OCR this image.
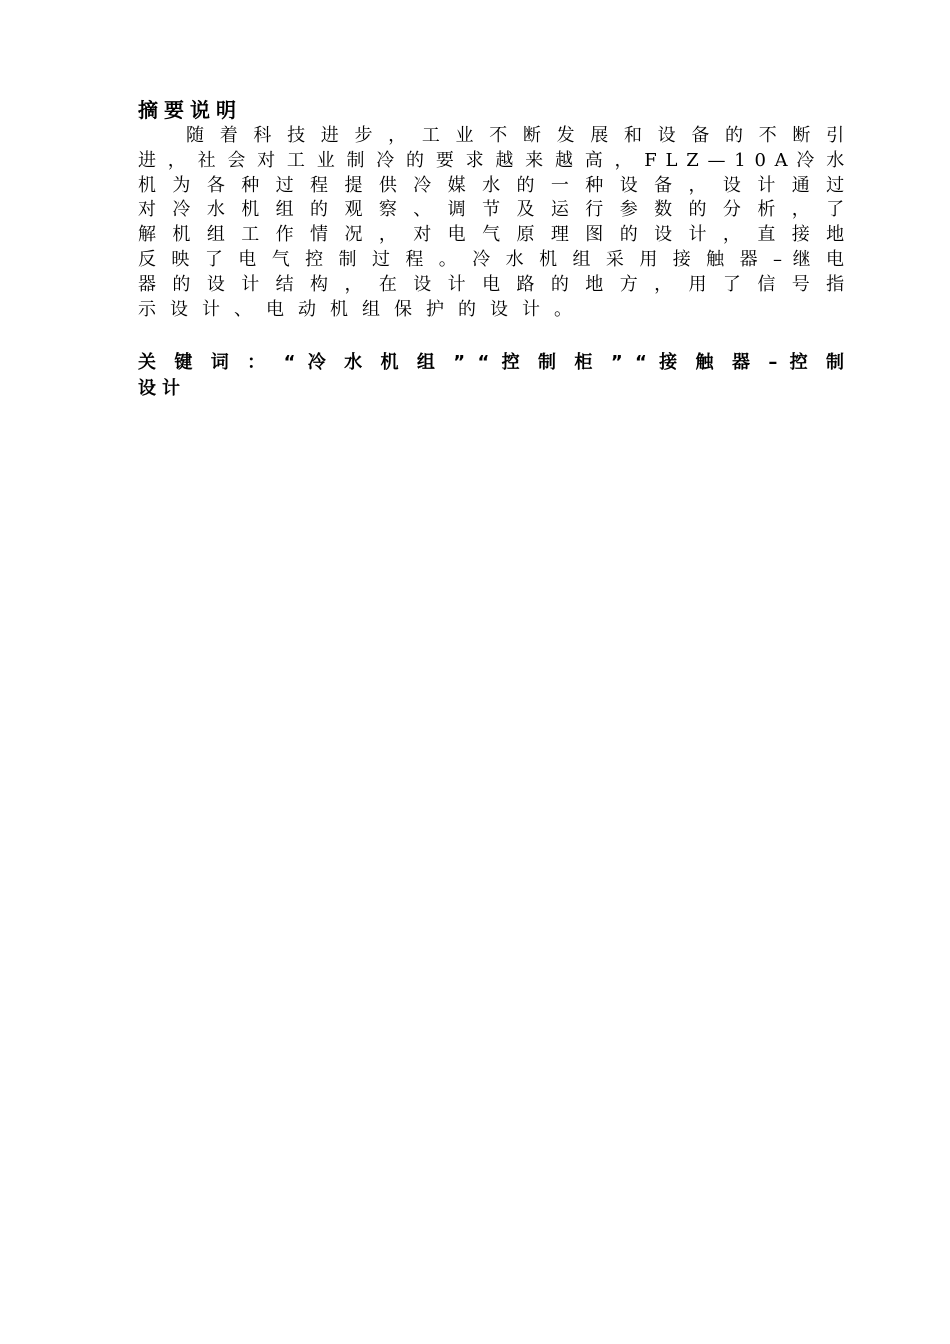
摘要说明
随 着 科 技 进 步 ， 工 业 不 断 发 展 和 设 备 的 不 断 引
进 ， 社 会 对 工 业 制 冷 的 要 求 越 来 越 高 ， F L Z — 1 0 A 冷 水
机 为 各 种 过 程 提 供 冷 媒 水 的 一 种 设 备 ， 设 计 通 过
对 冷 水 机 组 的 观 察 、 调 节 及 运 行 参 数 的 分 析 ， 了
解 机 组 工 作 情 况 ， 对 电 气 原 理 图 的 设 计 ， 直 接 地
反 映 了 电 气 控 制 过 程 。 冷 水 机 组 采 用 接 触 器 – 继 电
器 的 设 计 结 构 ， 在 设 计 电 路 的 地 方 ， 用 了 信 号 指
示设计、电动机组保护的设计。
关 键 词 ： “ 冷 水 机 组 ” “ 控 制 柜 ” “ 接 触 器 – 控 制
设计
